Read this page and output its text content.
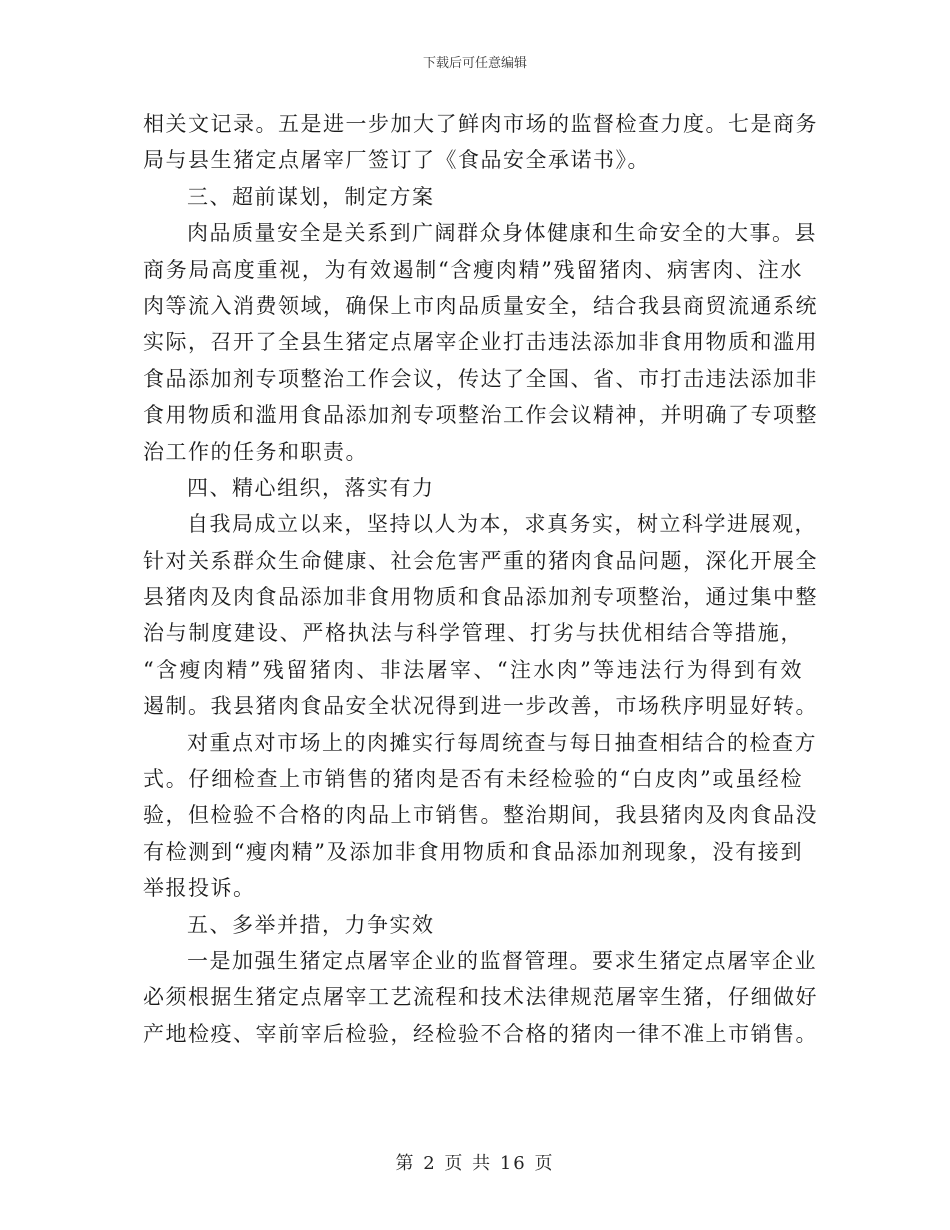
下载后可任意编辑
相关文记录。五是进一步加大了鲜肉市场的监督检查力度。七是商务
局与县生猪定点屠宰厂签订了《食品安全承诺书》。
三、超前谋划，制定方案
肉品质量安全是关系到广阔群众身体健康和生命安全的大事。县
商务局高度重视，为有效遏制“含瘦肉精”残留猪肉、病害肉、注水
肉等流入消费领域，确保上市肉品质量安全，结合我县商贸流通系统
实际，召开了全县生猪定点屠宰企业打击违法添加非食用物质和滥用
食品添加剂专项整治工作会议，传达了全国、省、市打击违法添加非
食用物质和滥用食品添加剂专项整治工作会议精神，并明确了专项整
治工作的任务和职责。
四、精心组织，落实有力
自我局成立以来，坚持以人为本，求真务实，树立科学进展观，
针对关系群众生命健康、社会危害严重的猪肉食品问题，深化开展全
县猪肉及肉食品添加非食用物质和食品添加剂专项整治，通过集中整
治与制度建设、严格执法与科学管理、打劣与扶优相结合等措施，
“含瘦肉精”残留猪肉、非法屠宰、“注水肉”等违法行为得到有效
遏制。我县猪肉食品安全状况得到进一步改善，市场秩序明显好转。
对重点对市场上的肉摊实行每周统查与每日抽查相结合的检查方
式。仔细检查上市销售的猪肉是否有未经检验的“白皮肉”或虽经检
验，但检验不合格的肉品上市销售。整治期间，我县猪肉及肉食品没
有检测到“瘦肉精”及添加非食用物质和食品添加剂现象，没有接到
举报投诉。
五、多举并措，力争实效
一是加强生猪定点屠宰企业的监督管理。要求生猪定点屠宰企业
必须根据生猪定点屠宰工艺流程和技术法律规范屠宰生猪，仔细做好
产地检疫、宰前宰后检验，经检验不合格的猪肉一律不准上市销售。
第 2 页 共 16 页
